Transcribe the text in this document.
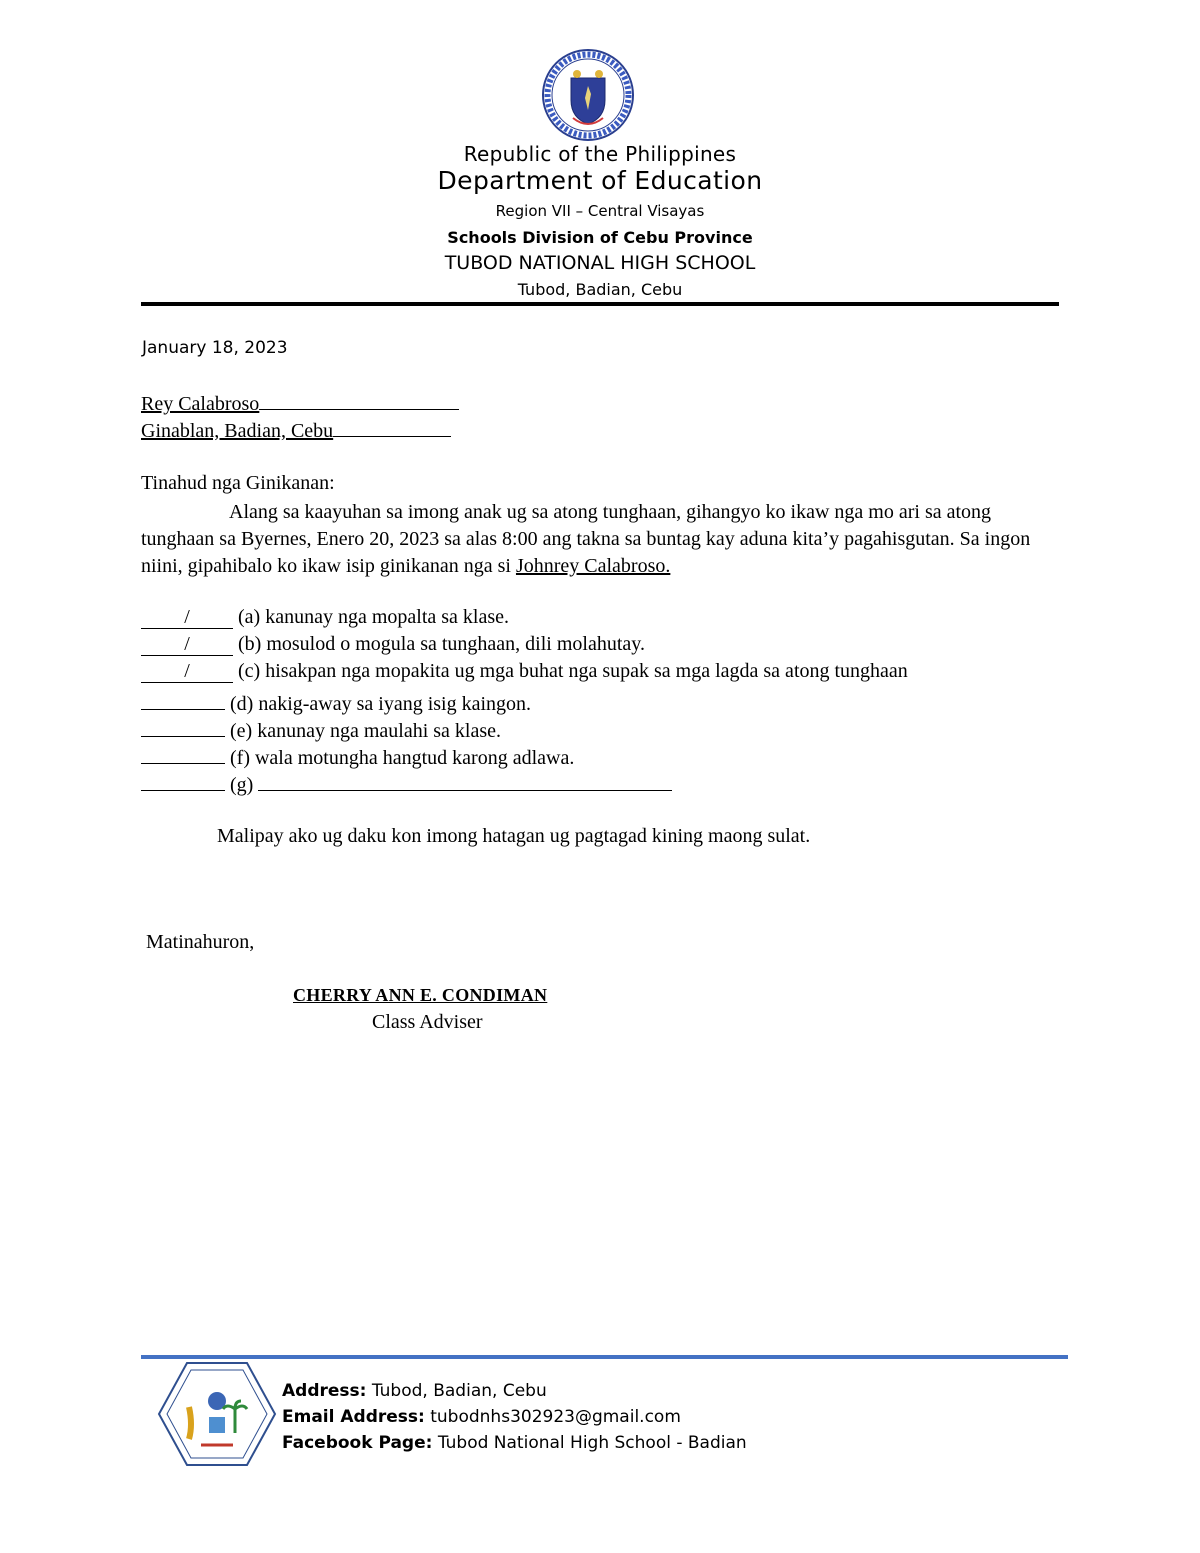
Republic of the Philippines
Department of Education
Region VII – Central Visayas
Schools Division of Cebu Province
TUBOD NATIONAL HIGH SCHOOL
Tubod, Badian, Cebu
January 18, 2023
Rey Calabroso
Ginablan, Badian, Cebu
Tinahud nga Ginikanan:
Alang sa kaayuhan sa imong anak ug sa atong tunghaan, gihangyo ko ikaw nga mo ari sa atong tunghaan sa Byernes, Enero 20, 2023 sa alas 8:00 ang takna sa buntag kay aduna kita’y pagahisgutan. Sa ingon niini, gipahibalo ko ikaw isip ginikanan nga si Johnrey Calabroso.
/ (a) kanunay nga mopalta sa klase.
/ (b) mosulod o mogula sa tunghaan, dili molahutay.
/ (c) hisakpan nga mopakita ug mga buhat nga supak sa mga lagda sa atong tunghaan
(d) nakig-away sa iyang isig kaingon.
(e) kanunay nga maulahi sa klase.
(f) wala motungha hangtud karong adlawa.
(g)
Malipay ako ug daku kon imong hatagan ug pagtagad kining maong sulat.
Matinahuron,
CHERRY ANN E. CONDIMAN
Class Adviser
Address: Tubod, Badian, Cebu
Email Address: tubodnhs302923@gmail.com
Facebook Page: Tubod National High School - Badian
